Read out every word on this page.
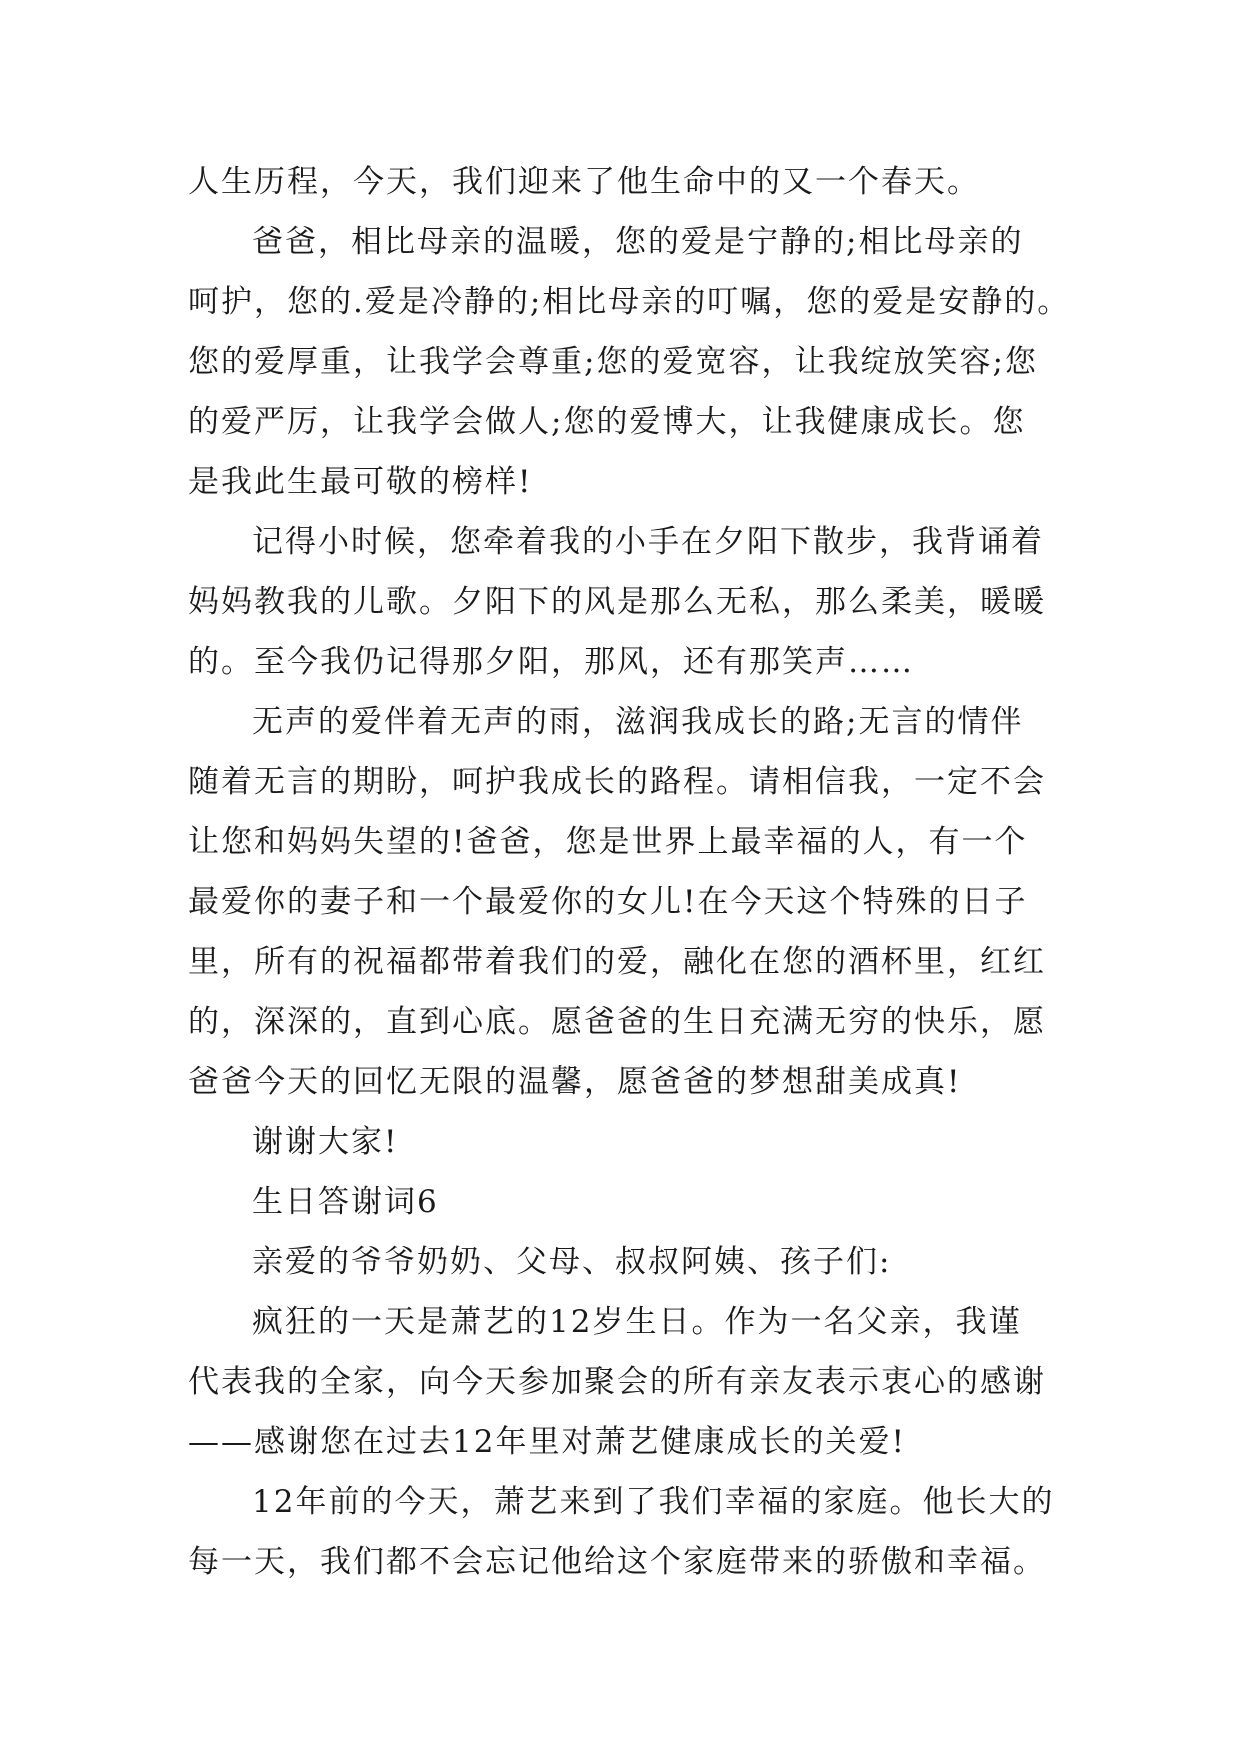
人生历程，今天，我们迎来了他生命中的又一个春天。

爸爸，相比母亲的温暖，您的爱是宁静的;相比母亲的
呵护，您的.爱是冷静的;相比母亲的叮嘱，您的爱是安静的。
您的爱厚重，让我学会尊重;您的爱宽容，让我绽放笑容;您
的爱严厉，让我学会做人;您的爱博大，让我健康成长。您
是我此生最可敬的榜样!

记得小时候，您牵着我的小手在夕阳下散步，我背诵着
妈妈教我的儿歌。夕阳下的风是那么无私，那么柔美，暖暖
的。至今我仍记得那夕阳，那风，还有那笑声……

无声的爱伴着无声的雨，滋润我成长的路;无言的情伴
随着无言的期盼，呵护我成长的路程。请相信我，一定不会
让您和妈妈失望的!爸爸，您是世界上最幸福的人，有一个
最爱你的妻子和一个最爱你的女儿!在今天这个特殊的日子
里，所有的祝福都带着我们的爱，融化在您的酒杯里，红红
的，深深的，直到心底。愿爸爸的生日充满无穷的快乐，愿
爸爸今天的回忆无限的温馨，愿爸爸的梦想甜美成真!

谢谢大家!

生日答谢词6

亲爱的爷爷奶奶、父母、叔叔阿姨、孩子们:

疯狂的一天是萧艺的12岁生日。作为一名父亲，我谨
代表我的全家，向今天参加聚会的所有亲友表示衷心的感谢
——感谢您在过去12年里对萧艺健康成长的关爱!

12年前的今天，萧艺来到了我们幸福的家庭。他长大的
每一天，我们都不会忘记他给这个家庭带来的骄傲和幸福。
